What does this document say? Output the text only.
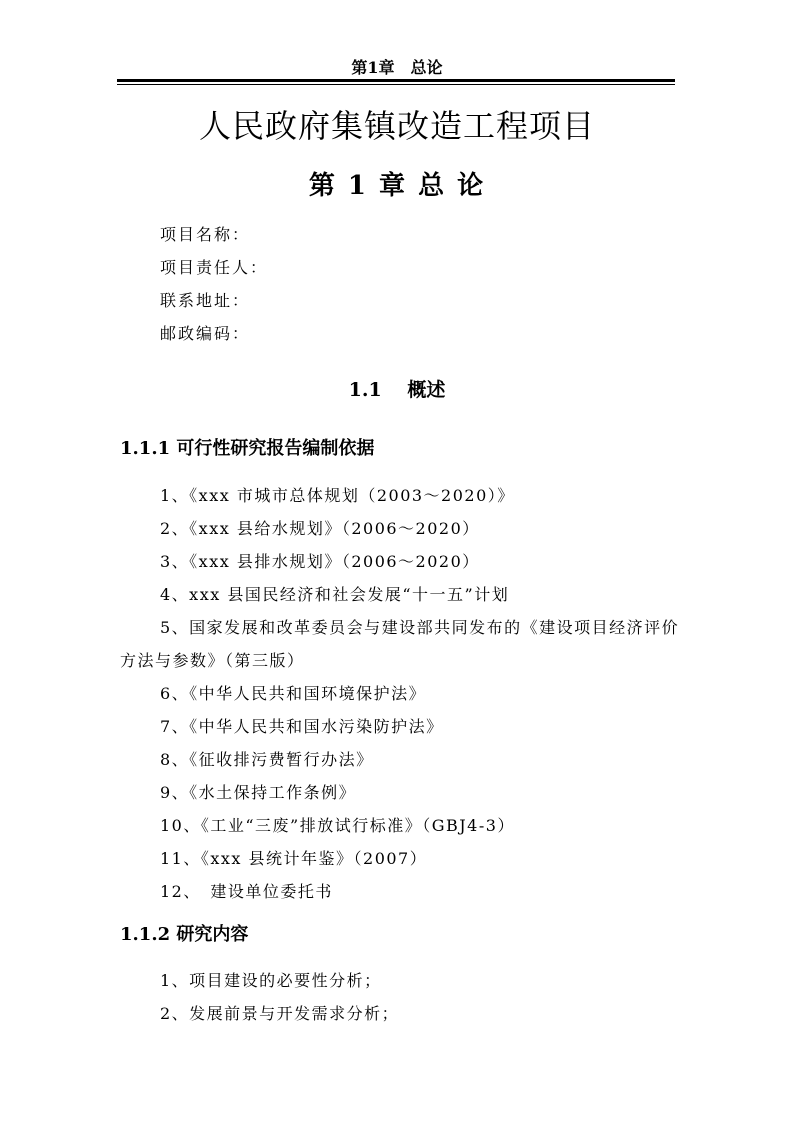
第1章　总论
人民政府集镇改造工程项目
第 1 章 总 论
项目名称：
项目责任人：
联系地址：
邮政编码：
1.1　 概述
1.1.1 可行性研究报告编制依据
1、《xxx 市城市总体规划（2003～2020）》
2、《xxx 县给水规划》（2006～2020）
3、《xxx 县排水规划》（2006～2020）
4、xxx 县国民经济和社会发展“十一五”计划
5、国家发展和改革委员会与建设部共同发布的《建设项目经济评价方法与参数》（第三版）
6、《中华人民共和国环境保护法》
7、《中华人民共和国水污染防护法》
8、《征收排污费暂行办法》
9、《水土保持工作条例》
10、《工业“三废”排放试行标准》（GBJ4-3）
11、《xxx 县统计年鉴》（2007）
12、　建设单位委托书
1.1.2 研究内容
1、项目建设的必要性分析；
2、发展前景与开发需求分析；
